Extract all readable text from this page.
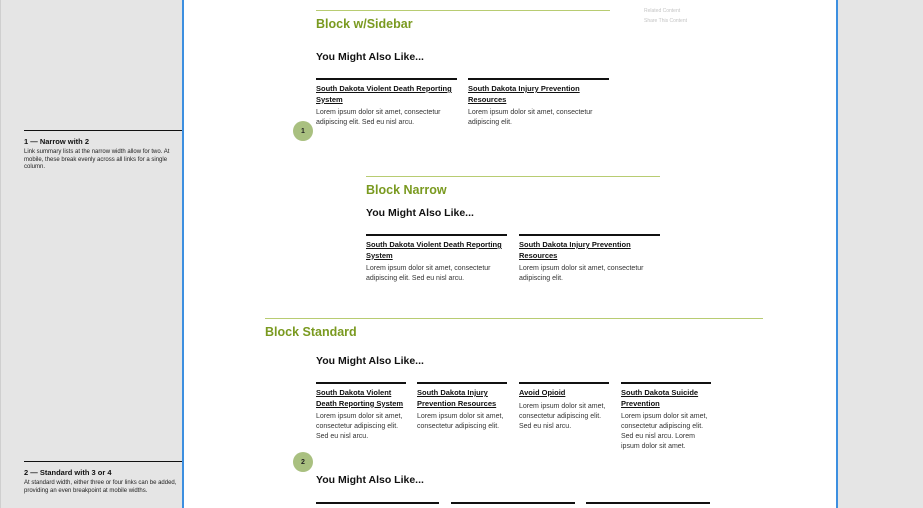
1 — Narrow with 2

Link summary lists at the narrow width allow for two. At mobile, these break evenly across all links for a single column.

2 — Standard with 3 or 4

At standard width, either three or four links can be added, providing an even breakpoint at mobile widths.

Related Content
Share This Content
Block w/Sidebar
You Might Also Like...
South Dakota Violent Death Reporting System
Lorem ipsum dolor sit amet, consectetur adipiscing elit. Sed eu nisl arcu.
South Dakota Injury Prevention Resources
Lorem ipsum dolor sit amet, consectetur adipiscing elit.
1
Block Narrow
You Might Also Like...
South Dakota Violent Death Reporting System
Lorem ipsum dolor sit amet, consectetur adipiscing elit. Sed eu nisl arcu.
South Dakota Injury Prevention Resources
Lorem ipsum dolor sit amet, consectetur adipiscing elit.
Block Standard
You Might Also Like...
South Dakota Violent Death Reporting System
Lorem ipsum dolor sit amet, consectetur adipiscing elit. Sed eu nisl arcu.
South Dakota Injury Prevention Resources
Lorem ipsum dolor sit amet, consectetur adipiscing elit.
Avoid Opioid
Lorem ipsum dolor sit amet, consectetur adipiscing elit. Sed eu nisl arcu.
South Dakota Suicide Prevention
Lorem ipsum dolor sit amet, consectetur adipiscing elit. Sed eu nisl arcu. Lorem ipsum dolor sit amet.
2
You Might Also Like...
